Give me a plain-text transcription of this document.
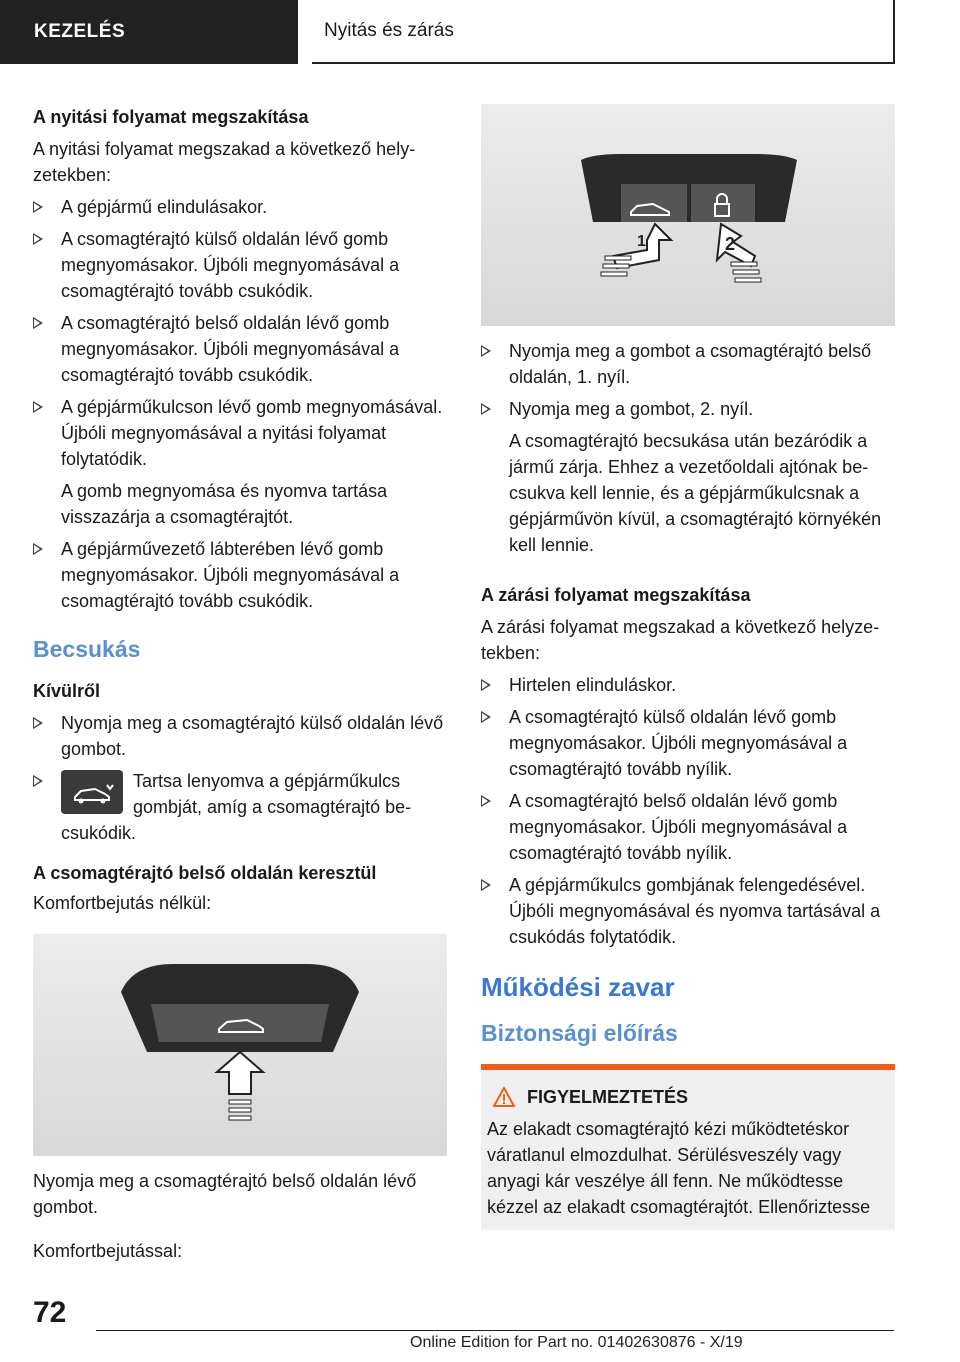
KEZELÉS	Nyitás és zárás

A nyitási folyamat megszakítása

A nyitási folyamat megszakad a következő helyzetekben:

A gépjármű elindulásakor.
A csomagtérajtó külső oldalán lévő gomb megnyomásakor. Újbóli megnyomásával a csomagtérajtó tovább csukódik.
A csomagtérajtó belső oldalán lévő gomb megnyomásakor. Újbóli megnyomásával a csomagtérajtó tovább csukódik.
A gépjárműkulcson lévő gomb megnyomásával. Újbóli megnyomásával a nyitási folyamat folytatódik.
A gomb megnyomása és nyomva tartása visszazárja a csomagtérajtót.
A gépjárművezető lábterében lévő gomb megnyomásakor. Újbóli megnyomásával a csomagtérajtó tovább csukódik.

Becsukás

Kívülről

Nyomja meg a csomagtérajtó külső oldalán lévő gombot.
Tartsa lenyomva a gépjárműkulcs gombját, amíg a csomagtérajtó becsukódik.

A csomagtérajtó belső oldalán keresztül

Komfortbejutás nélkül:

Nyomja meg a csomagtérajtó belső oldalán lévő gombot.

Komfortbejutással:

1	2
Nyomja meg a gombot a csomagtérajtó belső oldalán, 1. nyíl.
Nyomja meg a gombot, 2. nyíl.
A csomagtérajtó becsukása után bezáródik a jármű zárja. Ehhez a vezetőoldali ajtónak becsukva kell lennie, és a gépjárműkulcsnak a gépjárművön kívül, a csomagtérajtó környékén kell lennie.

A zárási folyamat megszakítása

A zárási folyamat megszakad a következő helyzetekben:

Hirtelen elinduláskor.
A csomagtérajtó külső oldalán lévő gomb megnyomásakor. Újbóli megnyomásával a csomagtérajtó tovább nyílik.
A csomagtérajtó belső oldalán lévő gomb megnyomásakor. Újbóli megnyomásával a csomagtérajtó tovább nyílik.
A gépjárműkulcs gombjának felengedésével. Újbóli megnyomásával és nyomva tartásával a csukódás folytatódik.

Működési zavar

Biztonsági előírás

FIGYELMEZTETÉS
Az elakadt csomagtérajtó kézi működtetéskor váratlanul elmozdulhat. Sérülésveszély vagy anyagi kár veszélye áll fenn. Ne működtesse kézzel az elakadt csomagtérajtót. Ellenőriztesse
72
Online Edition for Part no. 01402630876 - X/19
